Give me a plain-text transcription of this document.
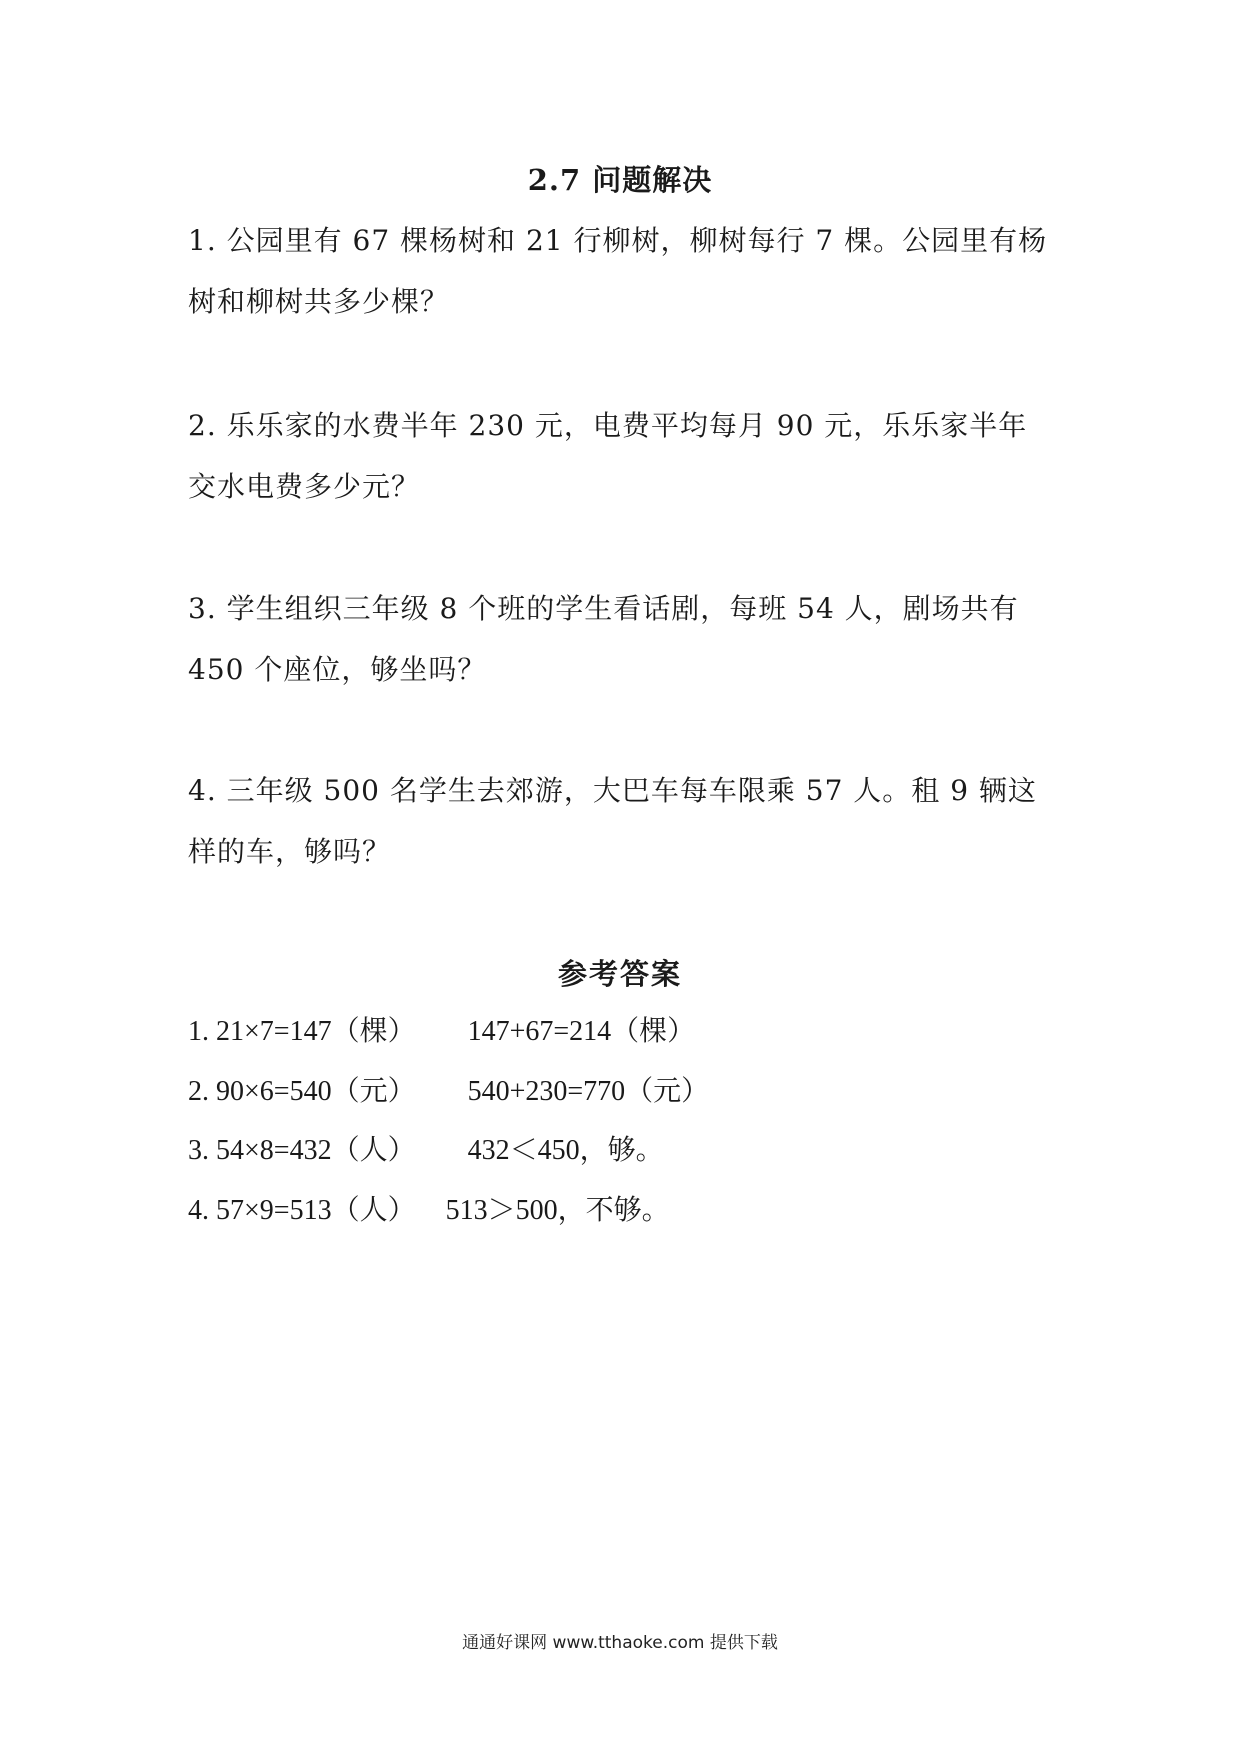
2.7 问题解决
1. 公园里有 67 棵杨树和 21 行柳树，柳树每行 7 棵。公园里有杨树和柳树共多少棵？
2. 乐乐家的水费半年 230 元，电费平均每月 90 元，乐乐家半年交水电费多少元？
3. 学生组织三年级 8 个班的学生看话剧，每班 54 人，剧场共有 450 个座位，够坐吗？
4. 三年级 500 名学生去郊游，大巴车每车限乘 57 人。租 9 辆这样的车，够吗？
参考答案
1. 21×7=147（棵） 147+67=214（棵）
2. 90×6=540（元） 540+230=770（元）
3. 54×8=432（人） 432＜450，够。
4. 57×9=513（人） 513＞500，不够。
通通好课网 www.tthaoke.com 提供下载
